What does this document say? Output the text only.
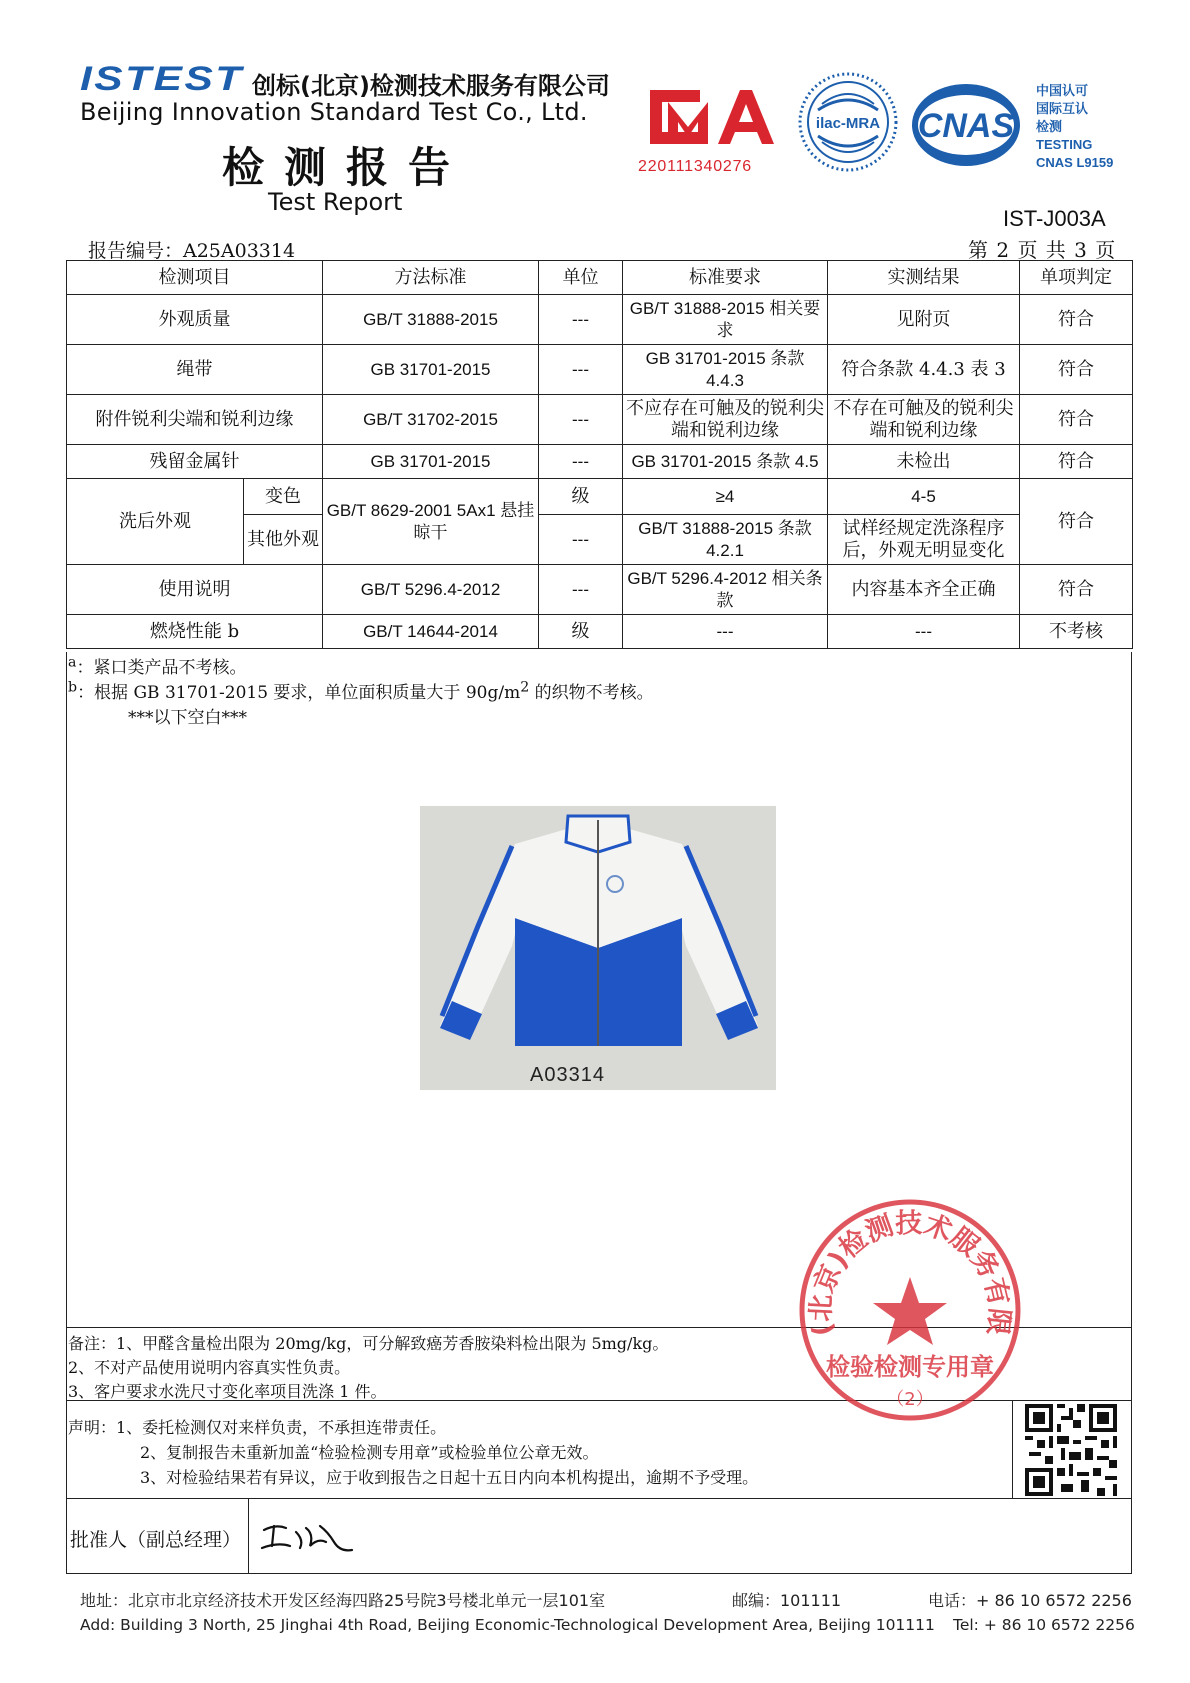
ISTEST 创标(北京)检测技术服务有限公司
Beijing Innovation Standard Test Co., Ltd.
检测报告
Test Report
220111340276
ilac-MRA CNAS
中国认可
国际互认
检测
TESTING
CNAS L9159
IST-J003A
报告编号：A25A03314	第 2 页 共 3 页
检测项目		方法标准	单位	标准要求	实测结果	单项判定
外观质量		GB/T 31888-2015	---	GB/T 31888-2015 相关要求	见附页	符合
绳带		GB 31701-2015	---	GB 31701-2015 条款 4.4.3	符合条款 4.4.3 表 3	符合
附件锐利尖端和锐利边缘		GB/T 31702-2015	---	不应存在可触及的锐利尖端和锐利边缘	不存在可触及的锐利尖端和锐利边缘	符合
残留金属针		GB 31701-2015	---	GB 31701-2015 条款 4.5	未检出	符合
洗后外观	变色	GB/T 8629-2001 5Ax1 悬挂晾干	级	≥4	4-5	符合
	其他外观		---	GB/T 31888-2015 条款 4.2.1	试样经规定洗涤程序后，外观无明显变化	
使用说明		GB/T 5296.4-2012	---	GB/T 5296.4-2012 相关条款	内容基本齐全正确	符合
燃烧性能 b		GB/T 14644-2014	级	---	---	不考核
$^a$：紧口类产品不考核。
$^b$：根据 GB 31701-2015 要求，单位面积质量大于 $90g/m^2$ 的织物不考核。
***以下空白***
A03314
备注：1、甲醛含量检出限为 20mg/kg，可分解致癌芳香胺染料检出限为 5mg/kg。
2、不对产品使用说明内容真实性负责。
3、客户要求水洗尺寸变化率项目洗涤 1 件。
声明：1、委托检测仅对来样负责，不承担连带责任。
2、复制报告未重新加盖“检验检测专用章”或检验单位公章无效。
3、对检验结果若有异议，应于收到报告之日起十五日内向本机构提出，逾期不予受理。
批准人（副总经理）
(北京)检测技术服务有限
检验检测专用章
（2）
地址：北京市北京经济技术开发区经海四路25号院3号楼北单元一层101室	邮编：101111	电话：+ 86 10 6572 2256
Add: Building 3 North, 25 Jinghai 4th Road, Beijing Economic-Technological Development Area, Beijing 101111 Tel: + 86 10 6572 2256
